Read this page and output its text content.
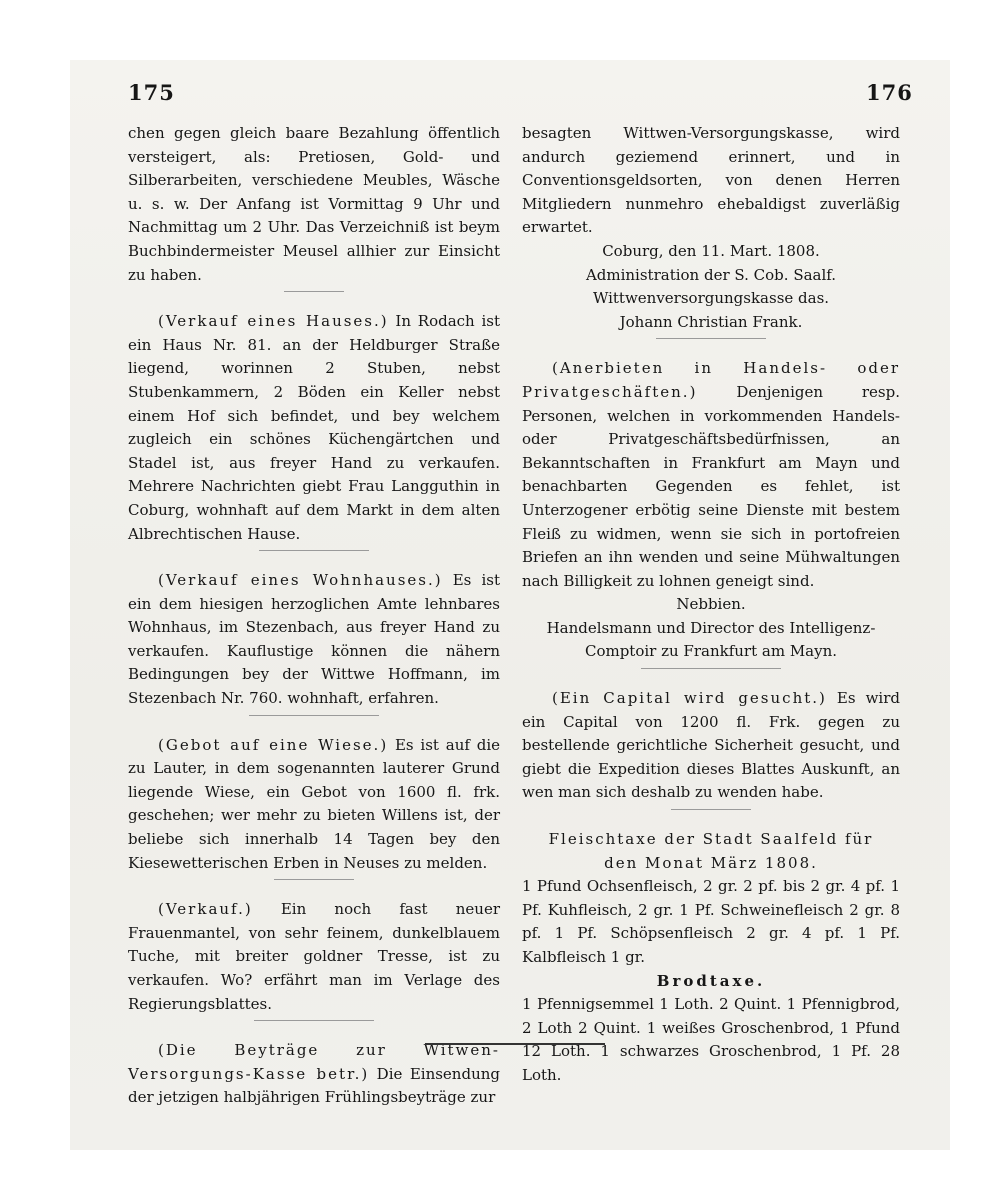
175	176

chen gegen gleich baare Bezahlung öffentlich versteigert, als: Pretiosen, Gold- und Silberarbeiten, verschiedene Meubles, Wäsche u. s. w. Der Anfang ist Vormittag 9 Uhr und Nachmittag um 2 Uhr. Das Verzeichniß ist beym Buchbindermeister Meusel allhier zur Einsicht zu haben.

(Verkauf eines Hauses.) In Rodach ist ein Haus Nr. 81. an der Heldburger Straße liegend, worinnen 2 Stuben, nebst Stubenkammern, 2 Böden ein Keller nebst einem Hof sich befindet, und bey welchem zugleich ein schönes Küchengärtchen und Stadel ist, aus freyer Hand zu verkaufen. Mehrere Nachrichten giebt Frau Langguthin in Coburg, wohnhaft auf dem Markt in dem alten Albrechtischen Hause.

(Verkauf eines Wohnhauses.) Es ist ein dem hiesigen herzoglichen Amte lehnbares Wohnhaus, im Stezenbach, aus freyer Hand zu verkaufen. Kauflustige können die nähern Bedingungen bey der Wittwe Hoffmann, im Stezenbach Nr. 760. wohnhaft, erfahren.

(Gebot auf eine Wiese.) Es ist auf die zu Lauter, in dem sogenannten lauterer Grund liegende Wiese, ein Gebot von 1600 fl. frk. geschehen; wer mehr zu bieten Willens ist, der beliebe sich innerhalb 14 Tagen bey den Kiesewetterischen Erben in Neuses zu melden.

(Verkauf.) Ein noch fast neuer Frauenmantel, von sehr feinem, dunkelblauem Tuche, mit breiter goldner Tresse, ist zu verkaufen. Wo? erfährt man im Verlage des Regierungsblattes.

(Die Beyträge zur Witwen-Versorgungs-Kasse betr.) Die Einsendung der jetzigen halbjährigen Frühlingsbeyträge zur

besagten Wittwen-Versorgungskasse, wird andurch geziemend erinnert, und in Conventionsgeldsorten, von denen Herren Mitgliedern nunmehro ehebaldigst zuverläßig erwartet.

Coburg, den 11. Mart. 1808.

Administration der S. Cob. Saalf. Wittwenversorgungskasse das.

Johann Christian Frank.

(Anerbieten in Handels- oder Privatgeschäften.)	Denjenigen resp. Personen, welchen in vorkommenden Handels- oder Privatgeschäftsbedürfnissen, an Bekanntschaften in Frankfurt am Mayn und benachbarten Gegenden es fehlet, ist Unterzogener erbötig seine Dienste mit bestem Fleiß zu widmen, wenn sie sich in portofreien Briefen an ihn wenden und seine Mühwaltungen nach Billigkeit zu lohnen geneigt sind.

Nebbien.

Handelsmann und Director des Intelligenz-

Comptoir zu Frankfurt am Mayn.

(Ein Capital wird gesucht.) Es wird ein Capital von 1200 fl. Frk. gegen zu bestellende gerichtliche Sicherheit gesucht, und giebt die Expedition dieses Blattes Auskunft, an wen man sich deshalb zu wenden habe.

Fleischtaxe der Stadt Saalfeld für

den Monat März 1808.

1 Pfund Ochsenfleisch, 2 gr. 2 pf. bis 2 gr. 4 pf. 1 Pf. Kuhfleisch, 2 gr. 1 Pf. Schweinefleisch 2 gr. 8 pf. 1 Pf. Schöpsenfleisch 2 gr. 4 pf. 1 Pf. Kalbfleisch 1 gr.

Brodtaxe.

1 Pfennigsemmel 1 Loth. 2 Quint. 1 Pfennigbrod, 2 Loth 2 Quint. 1 weißes Groschenbrod, 1 Pfund 12 Loth. 1 schwarzes Groschenbrod, 1 Pf. 28 Loth.
